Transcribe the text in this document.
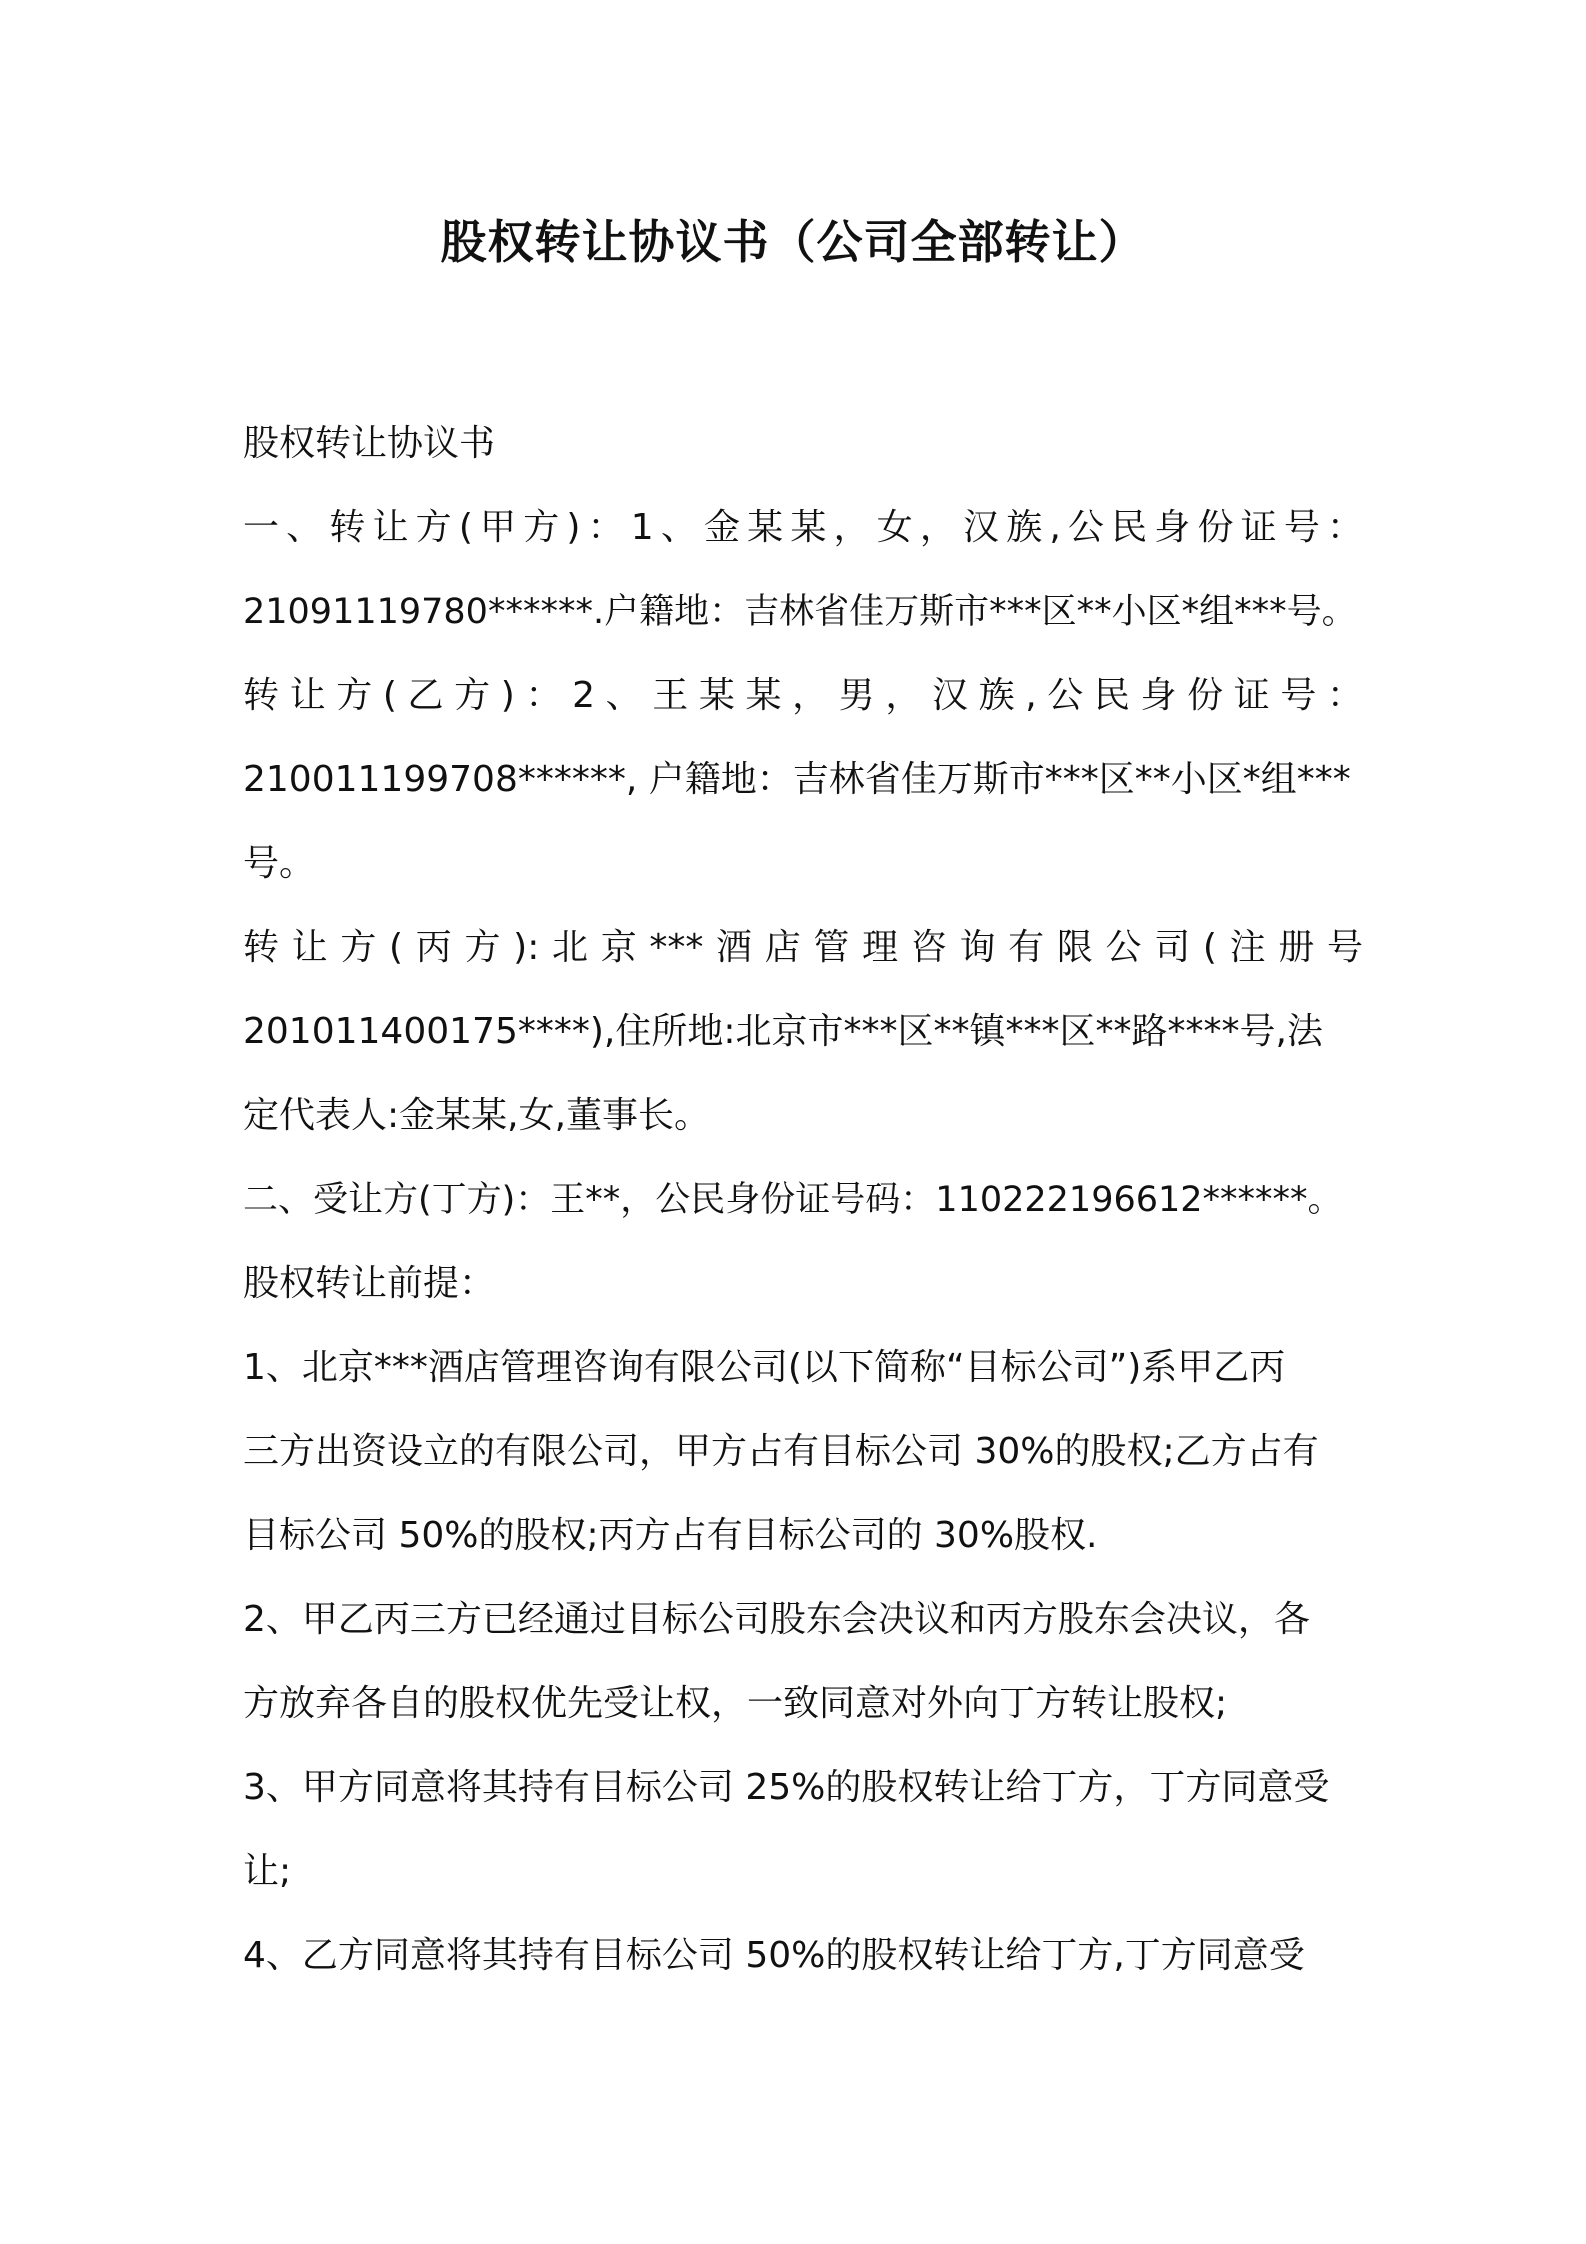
股权转让协议书（公司全部转让）
股权转让协议书
一、转让方(甲方)：1、金某某，女，汉族,公民身份证号：
21091119780******.户籍地：吉林省佳万斯市***区**小区*组***号。
转让方(乙方)：2、王某某，男，汉族,公民身份证号：
210011199708******, 户籍地：吉林省佳万斯市***区**小区*组***
号。
转让方(丙方):北京***酒店管理咨询有限公司(注册号
201011400175****),住所地:北京市***区**镇***区**路****号,法
定代表人:金某某,女,董事长。
二、受让方(丁方)：王**，公民身份证号码：110222196612******。
股权转让前提：
1、北京***酒店管理咨询有限公司(以下简称“目标公司”)系甲乙丙
三方出资设立的有限公司，甲方占有目标公司 30%的股权;乙方占有
目标公司 50%的股权;丙方占有目标公司的 30%股权.
2、甲乙丙三方已经通过目标公司股东会决议和丙方股东会决议，各
方放弃各自的股权优先受让权，一致同意对外向丁方转让股权;
3、甲方同意将其持有目标公司 25%的股权转让给丁方，丁方同意受
让;
4、乙方同意将其持有目标公司 50%的股权转让给丁方,丁方同意受
